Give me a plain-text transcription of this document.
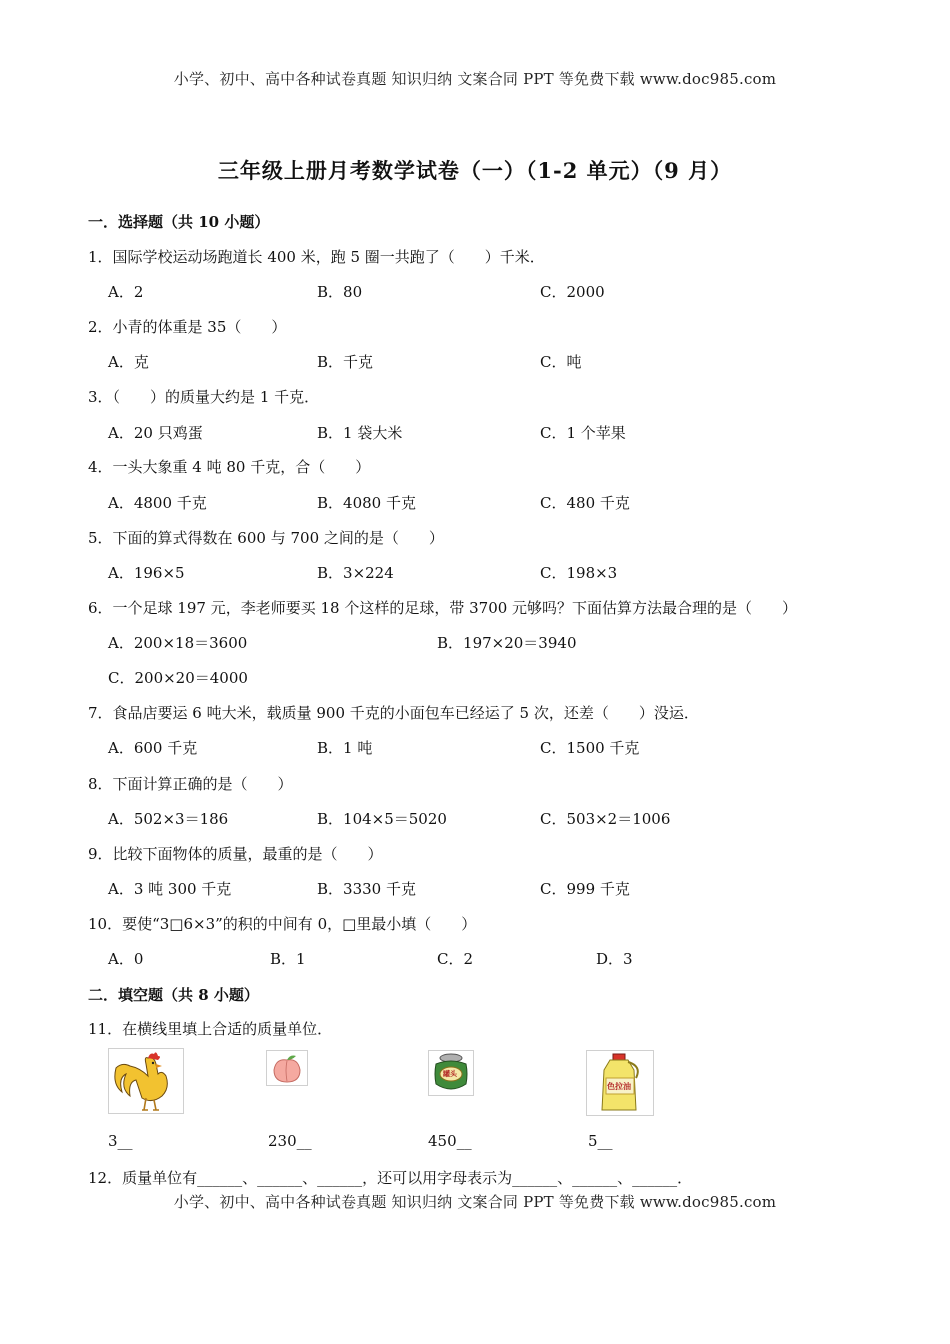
小学、初中、高中各种试卷真题 知识归纳 文案合同 PPT 等免费下载 www.doc985.com
三年级上册月考数学试卷（一）（1-2 单元）（9 月）
一．选择题（共 10 小题）
1．国际学校运动场跑道长 400 米，跑 5 圈一共跑了（　　）千米．
A．2	B．80	C．2000
2．小青的体重是 35（　　）
A．克	B．千克	C．吨
3．（　　）的质量大约是 1 千克．
A．20 只鸡蛋	B．1 袋大米	C．1 个苹果
4．一头大象重 4 吨 80 千克，合（　　）
A．4800 千克	B．4080 千克	C．480 千克
5．下面的算式得数在 600 与 700 之间的是（　　）
A．196×5	B．3×224	C．198×3
6．一个足球 197 元，李老师要买 18 个这样的足球，带 3700 元够吗？下面估算方法最合理的是（　　）
A．200×18＝3600	B．197×20＝3940
C．200×20＝4000
7．食品店要运 6 吨大米，载质量 900 千克的小面包车已经运了 5 次，还差（　　）没运．
A．600 千克	B．1 吨	C．1500 千克
8．下面计算正确的是（　　）
A．502×3＝186	B．104×5＝5020	C．503×2＝1006
9．比较下面物体的质量，最重的是（　　）
A．3 吨 300 千克	B．3330 千克	C．999 千克
10．要使“3□6×3”的积的中间有 0，□里最小填（　　）
A．0	B．1	C．2	D．3
二．填空题（共 8 小题）
11．在横线里填上合适的质量单位．
罐头
色拉油
3__	230__	450__	5__
12．质量单位有______、______、______，还可以用字母表示为______、______、______．
小学、初中、高中各种试卷真题 知识归纳 文案合同 PPT 等免费下载 www.doc985.com
